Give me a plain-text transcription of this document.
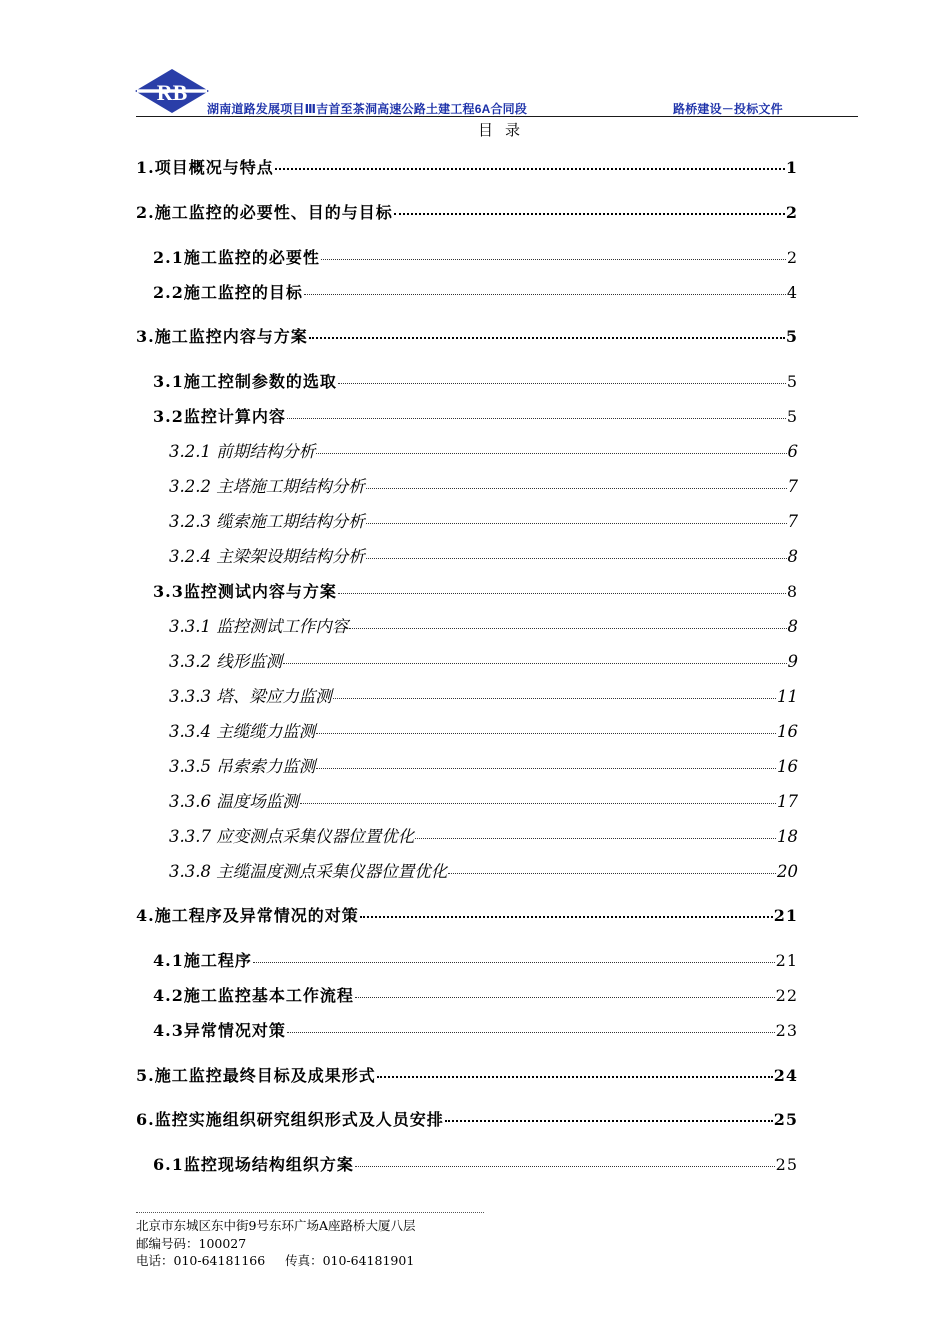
RB
湖南道路发展项目Ⅲ吉首至茶洞高速公路土建工程6A合同段	路桥建设－投标文件
目录
1.项目概况与特点	1
2.施工监控的必要性、目的与目标	2
2.1施工监控的必要性	2
2.2施工监控的目标	4
3.施工监控内容与方案	5
3.1施工控制参数的选取	5
3.2监控计算内容	5
3.2.1 前期结构分析	6
3.2.2 主塔施工期结构分析	7
3.2.3 缆索施工期结构分析	7
3.2.4 主梁架设期结构分析	8
3.3监控测试内容与方案	8
3.3.1 监控测试工作内容	8
3.3.2 线形监测	9
3.3.3 塔、梁应力监测	11
3.3.4 主缆缆力监测	16
3.3.5 吊索索力监测	16
3.3.6 温度场监测	17
3.3.7 应变测点采集仪器位置优化	18
3.3.8 主缆温度测点采集仪器位置优化	20
4.施工程序及异常情况的对策	21
4.1施工程序	21
4.2施工监控基本工作流程	22
4.3异常情况对策	23
5.施工监控最终目标及成果形式	24
6.监控实施组织研究组织形式及人员安排	25
6.1监控现场结构组织方案	25
北京市东城区东中街9号东环广场A座路桥大厦八层
邮编号码：100027
电话：010-64181166     传真：010-64181901
